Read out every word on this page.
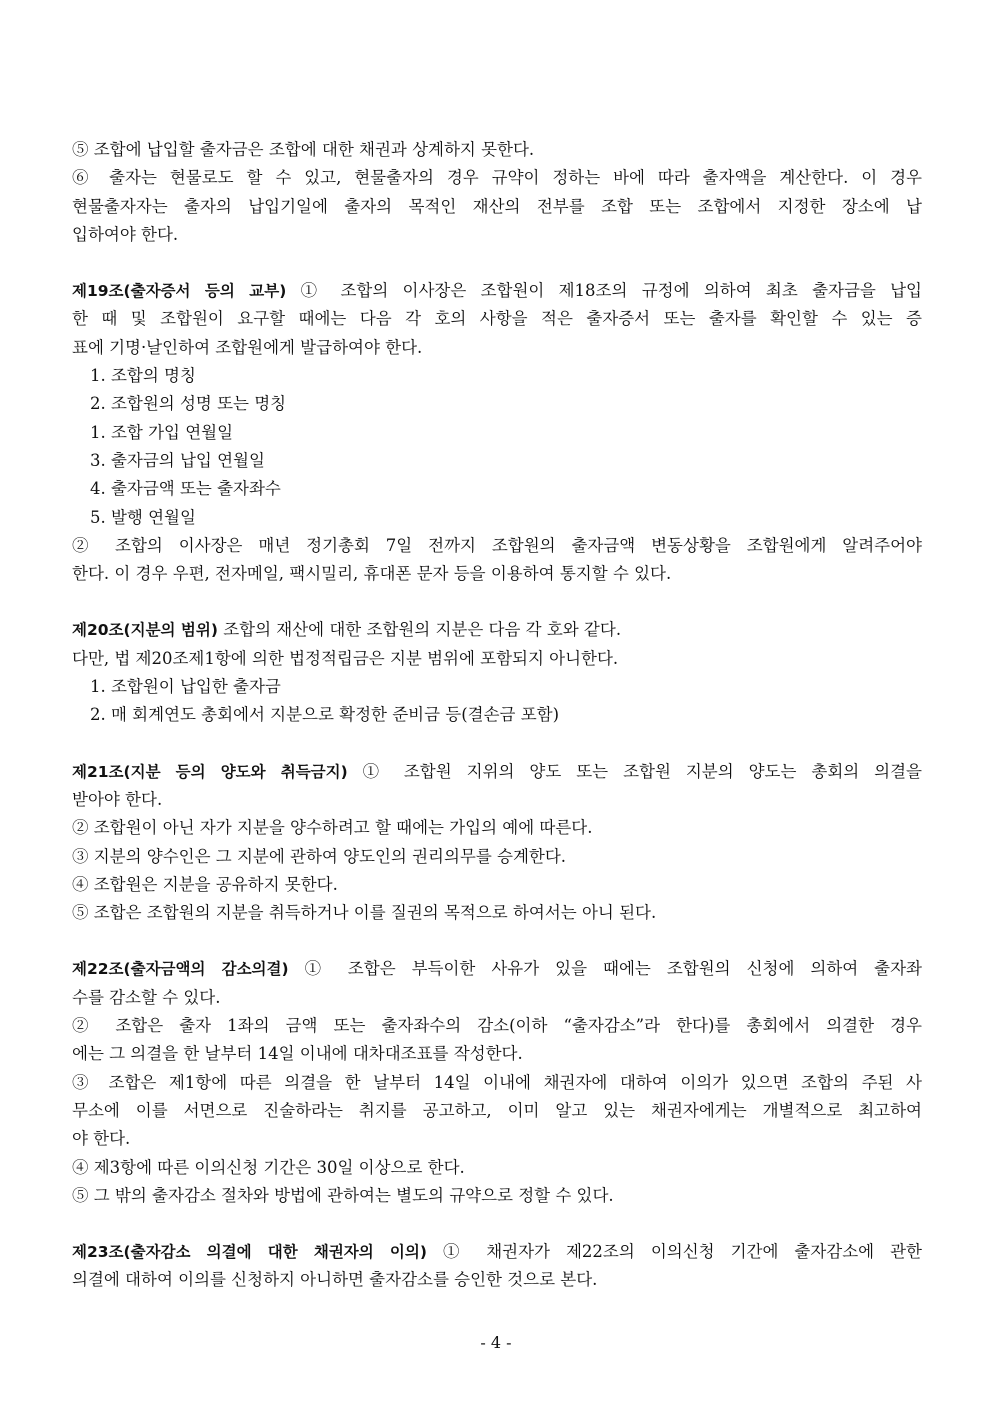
⑤ 조합에 납입할 출자금은 조합에 대한 채권과 상계하지 못한다.

⑥ 출자는 현물로도 할 수 있고, 현물출자의 경우 규약이 정하는 바에 따라 출자액을 계산한다. 이 경우

현물출자자는 출자의 납입기일에 출자의 목적인 재산의 전부를 조합 또는 조합에서 지정한 장소에 납

입하여야 한다.

제19조(출자증서 등의 교부) ① 조합의 이사장은 조합원이 제18조의 규정에 의하여 최초 출자금을 납입

한 때 및 조합원이 요구할 때에는 다음 각 호의 사항을 적은 출자증서 또는 출자를 확인할 수 있는 증

표에 기명·날인하여 조합원에게 발급하여야 한다.

1. 조합의 명칭

2. 조합원의 성명 또는 명칭

1. 조합 가입 연월일

3. 출자금의 납입 연월일

4. 출자금액 또는 출자좌수

5. 발행 연월일

② 조합의 이사장은 매년 정기총회 7일 전까지 조합원의 출자금액 변동상황을 조합원에게 알려주어야

한다. 이 경우 우편, 전자메일, 팩시밀리, 휴대폰 문자 등을 이용하여 통지할 수 있다.

제20조(지분의 범위) 조합의 재산에 대한 조합원의 지분은 다음 각 호와 같다.

다만, 법 제20조제1항에 의한 법정적립금은 지분 범위에 포함되지 아니한다.

1. 조합원이 납입한 출자금

2. 매 회계연도 총회에서 지분으로 확정한 준비금 등(결손금 포함)

제21조(지분 등의 양도와 취득금지) ① 조합원 지위의 양도 또는 조합원 지분의 양도는 총회의 의결을

받아야 한다.

② 조합원이 아닌 자가 지분을 양수하려고 할 때에는 가입의 예에 따른다.

③ 지분의 양수인은 그 지분에 관하여 양도인의 권리의무를 승계한다.

④ 조합원은 지분을 공유하지 못한다.

⑤ 조합은 조합원의 지분을 취득하거나 이를 질권의 목적으로 하여서는 아니 된다.

제22조(출자금액의 감소의결) ① 조합은 부득이한 사유가 있을 때에는 조합원의 신청에 의하여 출자좌

수를 감소할 수 있다.

② 조합은 출자 1좌의 금액 또는 출자좌수의 감소(이하 “출자감소”라 한다)를 총회에서 의결한 경우

에는 그 의결을 한 날부터 14일 이내에 대차대조표를 작성한다.

③ 조합은 제1항에 따른 의결을 한 날부터 14일 이내에 채권자에 대하여 이의가 있으면 조합의 주된 사

무소에 이를 서면으로 진술하라는 취지를 공고하고, 이미 알고 있는 채권자에게는 개별적으로 최고하여

야 한다.

④ 제3항에 따른 이의신청 기간은 30일 이상으로 한다.

⑤ 그 밖의 출자감소 절차와 방법에 관하여는 별도의 규약으로 정할 수 있다.

제23조(출자감소 의결에 대한 채권자의 이의) ① 채권자가 제22조의 이의신청 기간에 출자감소에 관한

의결에 대하여 이의를 신청하지 아니하면 출자감소를 승인한 것으로 본다.

- 4 -
